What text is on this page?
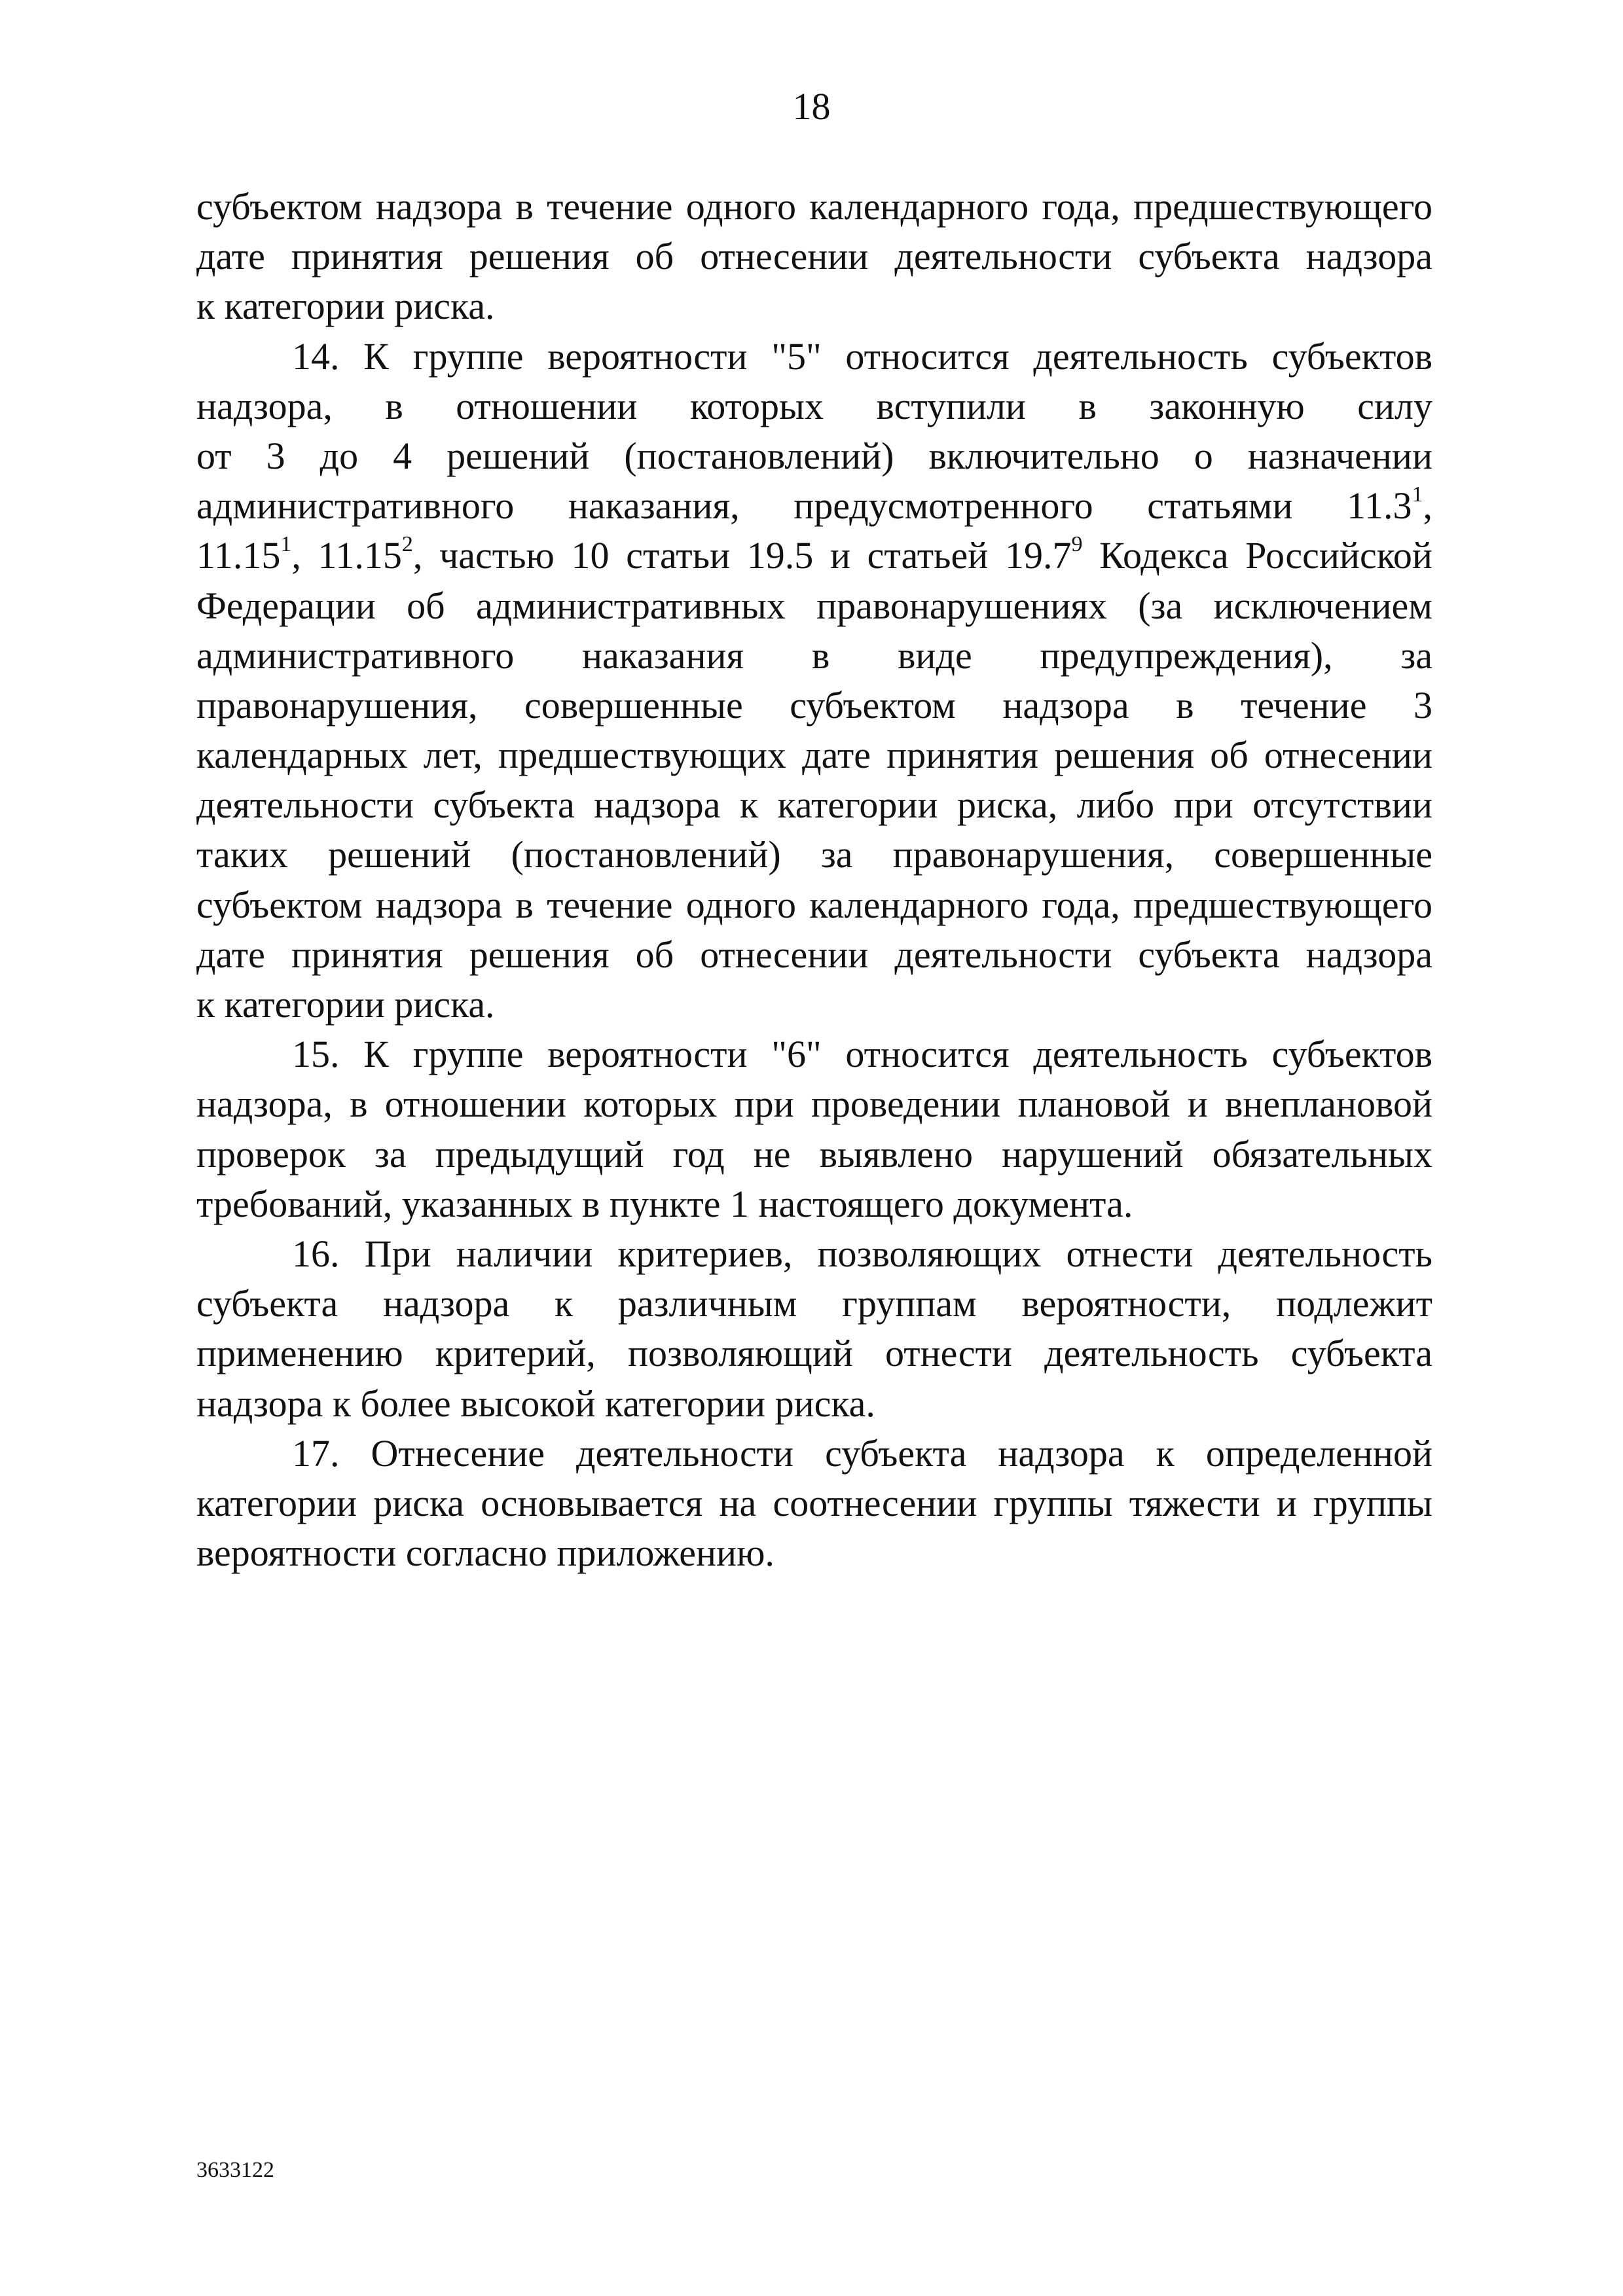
18
субъектом надзора в течение одного календарного года, предшествующего
дате принятия решения об отнесении деятельности субъекта надзора
к категории риска.
14. К группе вероятности "5" относится деятельность субъектов
надзора, в отношении которых вступили в законную силу
от 3 до 4 решений (постановлений) включительно о назначении
административного наказания, предусмотренного статьями 11.3$^1$,
11.15$^1$, 11.15$^2$, частью 10 статьи 19.5 и статьей 19.7$^9$ Кодекса Российской
Федерации об административных правонарушениях (за исключением
административного наказания в виде предупреждения), за
правонарушения, совершенные субъектом надзора в течение 3
календарных лет, предшествующих дате принятия решения об отнесении
деятельности субъекта надзора к категории риска, либо при отсутствии
таких решений (постановлений) за правонарушения, совершенные
субъектом надзора в течение одного календарного года, предшествующего
дате принятия решения об отнесении деятельности субъекта надзора
к категории риска.
15. К группе вероятности "6" относится деятельность субъектов
надзора, в отношении которых при проведении плановой и внеплановой
проверок за предыдущий год не выявлено нарушений обязательных
требований, указанных в пункте 1 настоящего документа.
16. При наличии критериев, позволяющих отнести деятельность
субъекта надзора к различным группам вероятности, подлежит
применению критерий, позволяющий отнести деятельность субъекта
надзора к более высокой категории риска.
17. Отнесение деятельности субъекта надзора к определенной
категории риска основывается на соотнесении группы тяжести и группы
вероятности согласно приложению.
3633122
